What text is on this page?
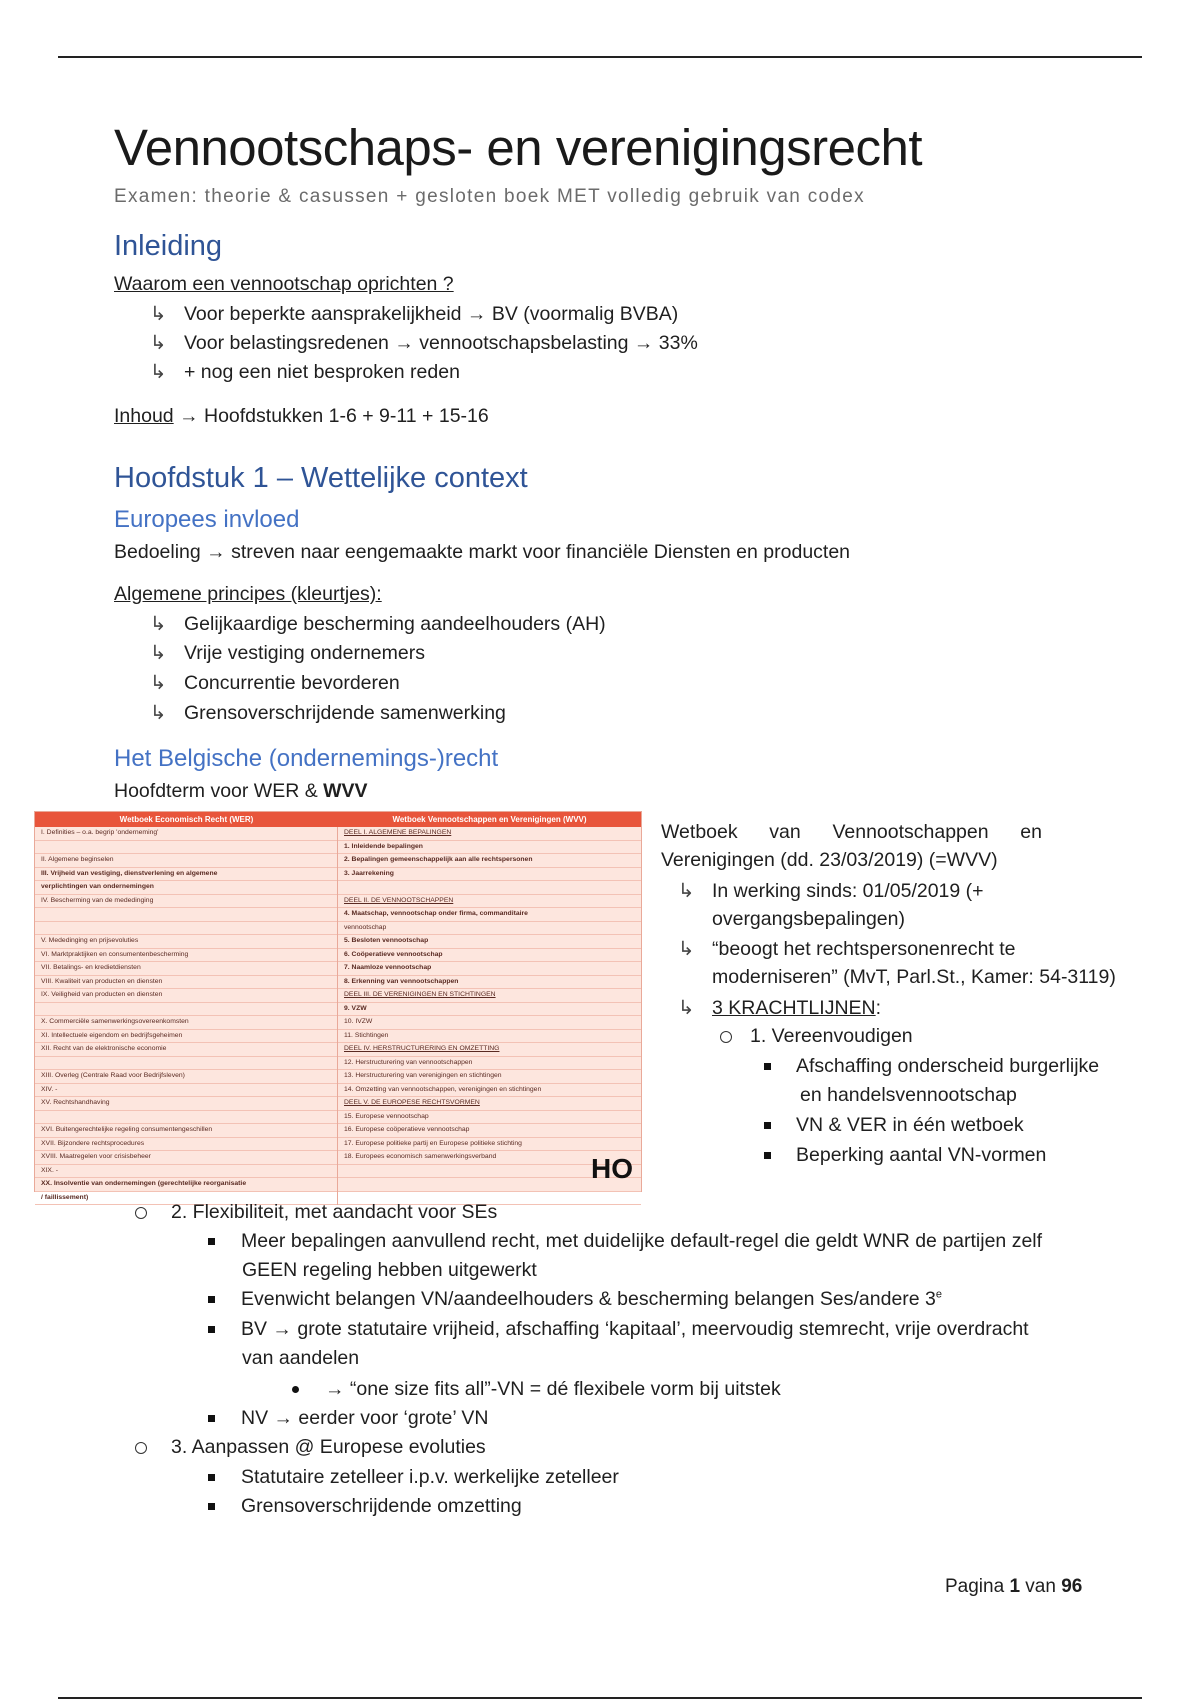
Vennootschaps- en verenigingsrecht
Examen: theorie & casussen + gesloten boek MET volledig gebruik van codex
Inleiding
Waarom een vennootschap oprichten ?
↳ Voor beperkte aansprakelijkheid → BV (voormalig BVBA)
↳ Voor belastingsredenen → vennootschapsbelasting → 33%
↳ + nog een niet besproken reden
Inhoud → Hoofdstukken 1-6 + 9-11 + 15-16
Hoofdstuk 1 – Wettelijke context
Europees invloed
Bedoeling → streven naar eengemaakte markt voor financiële Diensten en producten
Algemene principes (kleurtjes):
↳ Gelijkaardige bescherming aandeelhouders (AH)
↳ Vrije vestiging ondernemers
↳ Concurrentie bevorderen
↳ Grensoverschrijdende samenwerking
Het Belgische (ondernemings-)recht
Hoofdterm voor WER & WVV
Wetboek Economisch Recht (WER)	Wetboek Vennootschappen en Verenigingen (WVV)
I. Definities – o.a. begrip 'onderneming'
II. Algemene beginselen
III. Vrijheid van vestiging, dienstverlening en algemene
verplichtingen van ondernemingen
IV. Bescherming van de mededinging
V. Mededinging en prijsevoluties
VI. Marktpraktijken en consumentenbescherming
VII. Betalings- en kredietdiensten
VIII. Kwaliteit van producten en diensten
IX. Veiligheid van producten en diensten
X. Commerciële samenwerkingsovereenkomsten
XI. Intellectuele eigendom en bedrijfsgeheimen
XII. Recht van de elektronische economie
XIII. Overleg (Centrale Raad voor Bedrijfsleven)
XIV. -
XV. Rechtshandhaving
XVI. Buitengerechtelijke regeling consumentengeschillen
XVII. Bijzondere rechtsprocedures
XVIII. Maatregelen voor crisisbeheer
XIX. -
XX. Insolventie van ondernemingen (gerechtelijke reorganisatie
/ faillissement)
DEEL I. ALGEMENE BEPALINGEN
1. Inleidende bepalingen
2. Bepalingen gemeenschappelijk aan alle rechtspersonen
3. Jaarrekening
DEEL II. DE VENNOOTSCHAPPEN
4. Maatschap, vennootschap onder firma, commanditaire
vennootschap
5. Besloten vennootschap
6. Coöperatieve vennootschap
7. Naamloze vennootschap
8. Erkenning van vennootschappen
DEEL III. DE VERENIGINGEN EN STICHTINGEN
9. VZW
10. IVZW
11. Stichtingen
DEEL IV. HERSTRUCTURERING EN OMZETTING
12. Herstructurering van vennootschappen
13. Herstructurering van verenigingen en stichtingen
14. Omzetting van vennootschappen, verenigingen en stichtingen
DEEL V. DE EUROPESE RECHTSVORMEN
15. Europese vennootschap
16. Europese coöperatieve vennootschap
17. Europese politieke partij en Europese politieke stichting
18. Europees economisch samenwerkingsverband	HO
Wetboek van Vennootschappen en
Verenigingen (dd. 23/03/2019) (=WVV)
↳ In werking sinds: 01/05/2019 (+
overgangsbepalingen)
↳ “beoogt het rechtspersonenrecht te
moderniseren” (MvT, Parl.St., Kamer: 54-3119)
↳ 3 KRACHTLIJNEN:
1. Vereenvoudigen
Afschaffing onderscheid burgerlijke
en handelsvennootschap
VN & VER in één wetboek
Beperking aantal VN-vormen
2. Flexibiliteit, met aandacht voor SEs
Meer bepalingen aanvullend recht, met duidelijke default-regel die geldt WNR de partijen zelf
GEEN regeling hebben uitgewerkt
Evenwicht belangen VN/aandeelhouders & bescherming belangen Ses/andere 3e
BV → grote statutaire vrijheid, afschaffing ‘kapitaal’, meervoudig stemrecht, vrije overdracht
van aandelen
→ “one size fits all”-VN = dé flexibele vorm bij uitstek
NV → eerder voor ‘grote’ VN
3. Aanpassen @ Europese evoluties
Statutaire zetelleer i.p.v. werkelijke zetelleer
Grensoverschrijdende omzetting
Pagina 1 van 96
